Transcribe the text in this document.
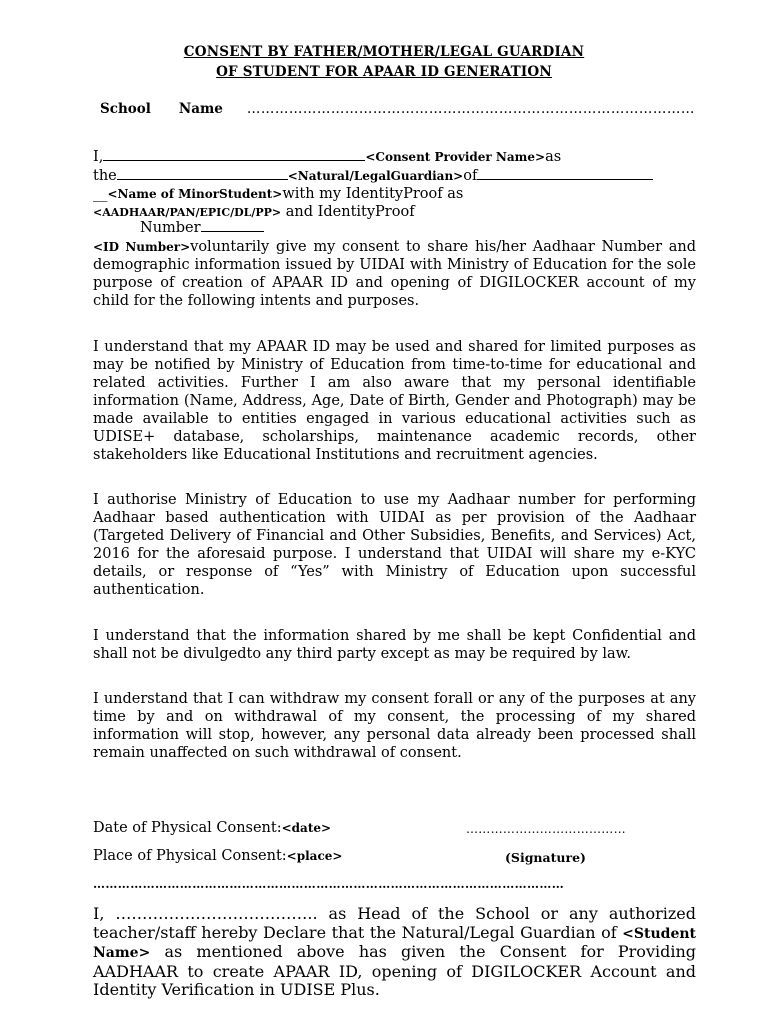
CONSENT BY FATHER/MOTHER/LEGAL GUARDIAN
OF STUDENT FOR APAAR ID GENERATION
School Name ……………………………………………………………………………………
I,	<Consent Provider Name>as
the	<Natural/LegalGuardian>of
__<Name of MinorStudent>with my IdentityProof as
<AADHAAR/PAN/EPIC/DL/PP> and IdentityProof
Number
<ID Number>voluntarily give my consent to share his/her Aadhaar Number and demographic information issued by UIDAI with Ministry of Education for the sole purpose of creation of APAAR ID and opening of DIGILOCKER account of my child for the following intents and purposes.
I understand that my APAAR ID may be used and shared for limited purposes as may be notified by Ministry of Education from time-to-time for educational and related activities. Further I am also aware that my personal identifiable information (Name, Address, Age, Date of Birth, Gender and Photograph) may be made available to entities engaged in various educational activities such as UDISE+ database, scholarships, maintenance academic records, other stakeholders like Educational Institutions and recruitment agencies.
I authorise Ministry of Education to use my Aadhaar number for performing Aadhaar based authentication with UIDAI as per provision of the Aadhaar (Targeted Delivery of Financial and Other Subsidies, Benefits, and Services) Act, 2016 for the aforesaid purpose. I understand that UIDAI will share my e-KYC details, or response of “Yes” with Ministry of Education upon successful authentication.
I understand that the information shared by me shall be kept Confidential and shall not be divulgedto any third party except as may be required by law.
I understand that I can withdraw my consent forall or any of the purposes at any time by and on withdrawal of my consent, the processing of my shared information will stop, however, any personal data already been processed shall remain unaffected on such withdrawal of consent.
Date of Physical Consent:<date>	…………………………………
Place of Physical Consent:<place>	(Signature)
……………………………………………………………………………………………………
I, ……………………………….. as Head of the School or any authorized teacher/staff hereby Declare that the Natural/Legal Guardian of <Student Name> as mentioned above has given the Consent for Providing AADHAAR to create APAAR ID, opening of DIGILOCKER Account and Identity Verification in UDISE Plus.
